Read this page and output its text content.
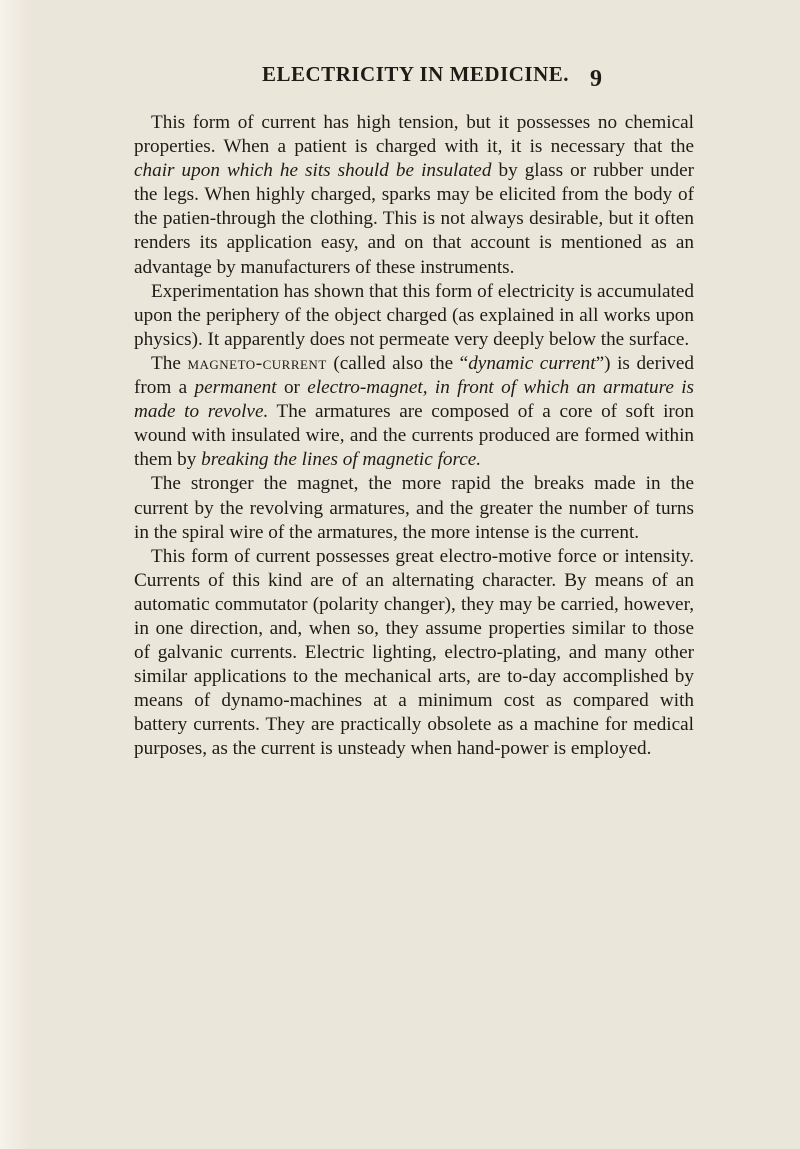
ELECTRICITY IN MEDICINE. 9

This form of current has high tension, but it possesses no chemical properties. When a patient is charged with it, it is necessary that the chair upon which he sits should be insulated by glass or rubber under the legs. When highly charged, sparks may be elicited from the body of the patien-through the clothing. This is not always desirable, but it often renders its application easy, and on that account is mentioned as an advantage by manufacturers of these instruments.

Experimentation has shown that this form of electricity is accumulated upon the periphery of the object charged (as explained in all works upon physics). It apparently does not permeate very deeply below the surface.

The magneto-current (called also the “dynamic current”) is derived from a permanent or electro-magnet, in front of which an armature is made to revolve. The armatures are composed of a core of soft iron wound with insulated wire, and the currents produced are formed within them by breaking the lines of magnetic force.

The stronger the magnet, the more rapid the breaks made in the current by the revolving armatures, and the greater the number of turns in the spiral wire of the armatures, the more intense is the current.

This form of current possesses great electro-motive force or intensity. Currents of this kind are of an alternating character. By means of an automatic commutator (polarity changer), they may be carried, however, in one direction, and, when so, they assume properties similar to those of galvanic currents. Electric lighting, electro-plating, and many other similar applications to the mechanical arts, are to-day accomplished by means of dynamo-machines at a minimum cost as compared with battery currents. They are practically obsolete as a machine for medical purposes, as the current is unsteady when hand-power is employed.
